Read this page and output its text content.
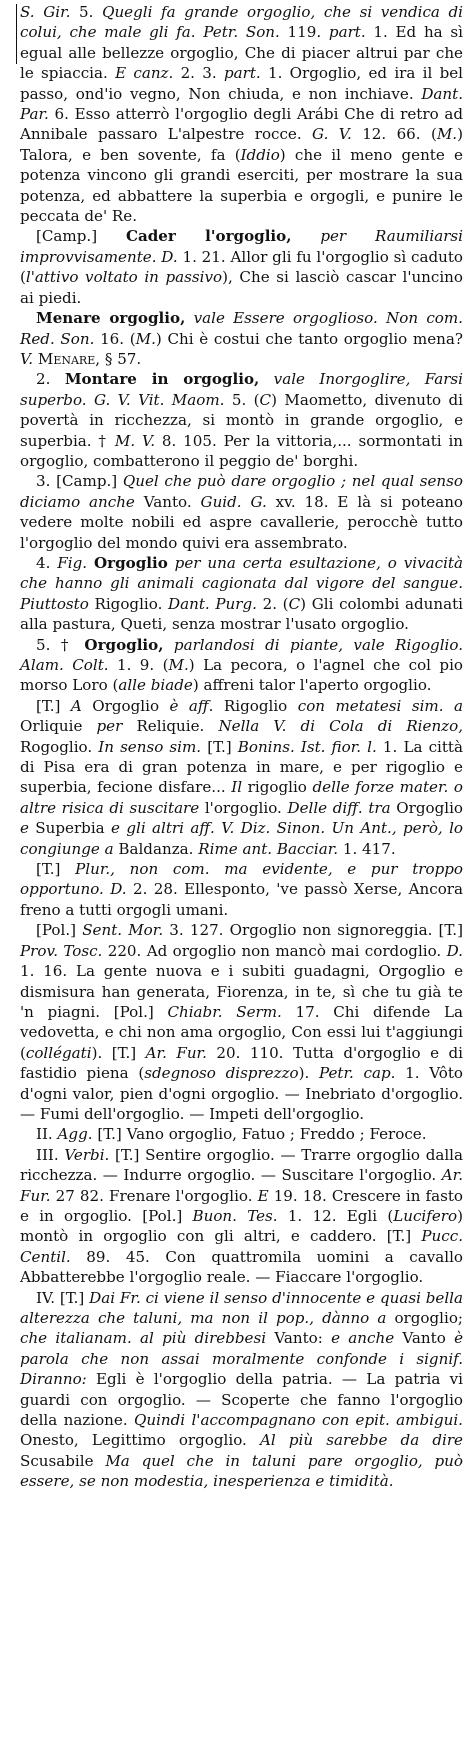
S. Gir. 5. Quegli fa grande orgoglio, che si vendica di colui, che male gli fa. Petr. Son. 119. part. 1. Ed ha sì egual alle bellezze orgoglio, Che di piacer altrui par che le spiaccia. E canz. 2. 3. part. 1. Orgoglio, ed ira il bel passo, ond'io vegno, Non chiuda, e non inchiave. Dant. Par. 6. Esso atterrò l'orgoglio degli Arábi Che di retro ad Annibale passaro L'alpestre rocce. G. V. 12. 66. (M.) Talora, e ben sovente, fa (Iddio) che il meno gente e potenza vincono gli grandi eserciti, per mostrare la sua potenza, ed abbattere la superbia e orgogli, e punire le peccata de' Re.

[Camp.] Cader l'orgoglio, per Raumiliarsi improvvisamente. D. 1. 21. Allor gli fu l'orgoglio sì caduto (l'attivo voltato in passivo), Che si lasciò cascar l'uncino ai piedi.

Menare orgoglio, vale Essere orgoglioso. Non com. Red. Son. 16. (M.) Chi è costui che tanto orgoglio mena? V. Menare, § 57.

2. Montare in orgoglio, vale Inorgoglire, Farsi superbo. G. V. Vit. Maom. 5. (C) Maometto, divenuto di povertà in ricchezza, si montò in grande orgoglio, e superbia. † M. V. 8. 105. Per la vittoria,... sormontati in orgoglio, combatterono il peggio de' borghi.

3. [Camp.] Quel che può dare orgoglio ; nel qual senso diciamo anche Vanto. Guid. G. xv. 18. E là si poteano vedere molte nobili ed aspre cavallerie, perocchè tutto l'orgoglio del mondo quivi era assembrato.

4. Fig. Orgoglio per una certa esultazione, o vivacità che hanno gli animali cagionata dal vigore del sangue. Piuttosto Rigoglio. Dant. Purg. 2. (C) Gli colombi adunati alla pastura, Queti, senza mostrar l'usato orgoglio.

5. † Orgoglio, parlandosi di piante, vale Rigoglio. Alam. Colt. 1. 9. (M.) La pecora, o l'agnel che col pio morso Loro (alle biade) affreni talor l'aperto orgoglio.

[T.] A Orgoglio è aff. Rigoglio con metatesi sim. a Orliquie per Reliquie. Nella V. di Cola di Rienzo, Rogoglio. In senso sim. [T.] Bonins. Ist. fior. l. 1. La città di Pisa era di gran potenza in mare, e per rigoglio e superbia, fecione disfare... Il rigoglio delle forze mater. o altre risica di suscitare l'orgoglio. Delle diff. tra Orgoglio e Superbia e gli altri aff. V. Diz. Sinon. Un Ant., però, lo congiunge a Baldanza. Rime ant. Bacciar. 1. 417.

[T.] Plur., non com. ma evidente, e pur troppo opportuno. D. 2. 28. Ellesponto, 've passò Xerse, Ancora freno a tutti orgogli umani.

[Pol.] Sent. Mor. 3. 127. Orgoglio non signoreggia. [T.] Prov. Tosc. 220. Ad orgoglio non mancò mai cordoglio. D. 1. 16. La gente nuova e i subiti guadagni, Orgoglio e dismisura han generata, Fiorenza, in te, sì che tu già te 'n piagni. [Pol.] Chiabr. Serm. 17. Chi difende La vedovetta, e chi non ama orgoglio, Con essi lui t'aggiungi (collégati). [T.] Ar. Fur. 20. 110. Tutta d'orgoglio e di fastidio piena (sdegnoso disprezzo). Petr. cap. 1. Vôto d'ogni valor, pien d'ogni orgoglio. — Inebriato d'orgoglio. — Fumi dell'orgoglio. — Impeti dell'orgoglio.

II. Agg. [T.] Vano orgoglio, Fatuo ; Freddo ; Feroce.

III. Verbi. [T.] Sentire orgoglio. — Trarre orgoglio dalla ricchezza. — Indurre orgoglio. — Suscitare l'orgoglio. Ar. Fur. 27 82. Frenare l'orgoglio. E 19. 18. Crescere in fasto e in orgoglio. [Pol.] Buon. Tes. 1. 12. Egli (Lucifero) montò in orgoglio con gli altri, e caddero. [T.] Pucc. Centil. 89. 45. Con quattromila uomini a cavallo Abbatterebbe l'orgoglio reale. — Fiaccare l'orgoglio.

IV. [T.] Dai Fr. ci viene il senso d'innocente e quasi bella alterezza che taluni, ma non il pop., dànno a orgoglio; che italianam. al più direbbesi Vanto: e anche Vanto è parola che non assai moralmente confonde i signif. Diranno: Egli è l'orgoglio della patria. — La patria vi guardi con orgoglio. — Scoperte che fanno l'orgoglio della nazione. Quindi l'accompagnano con epit. ambigui. Onesto, Legittimo orgoglio. Al più sarebbe da dire Scusabile Ma quel che in taluni pare orgoglio, può essere, se non modestia, inesperienza e timidità.
